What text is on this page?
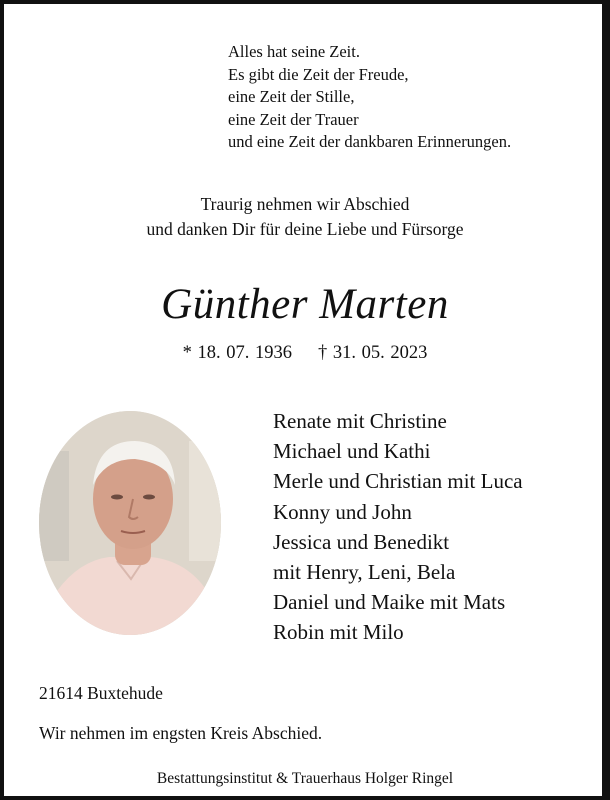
Alles hat seine Zeit.
Es gibt die Zeit der Freude,
eine Zeit der Stille,
eine Zeit der Trauer
und eine Zeit der dankbaren Erinnerungen.
Traurig nehmen wir Abschied
und danken Dir für deine Liebe und Fürsorge
Günther Marten
* 18. 07. 1936 † 31. 05. 2023
Renate mit Christine
Michael und Kathi
Merle und Christian mit Luca
Konny und John
Jessica und Benedikt
mit Henry, Leni, Bela
Daniel und Maike mit Mats
Robin mit Milo
21614 Buxtehude
Wir nehmen im engsten Kreis Abschied.
Bestattungsinstitut & Trauerhaus Holger Ringel
